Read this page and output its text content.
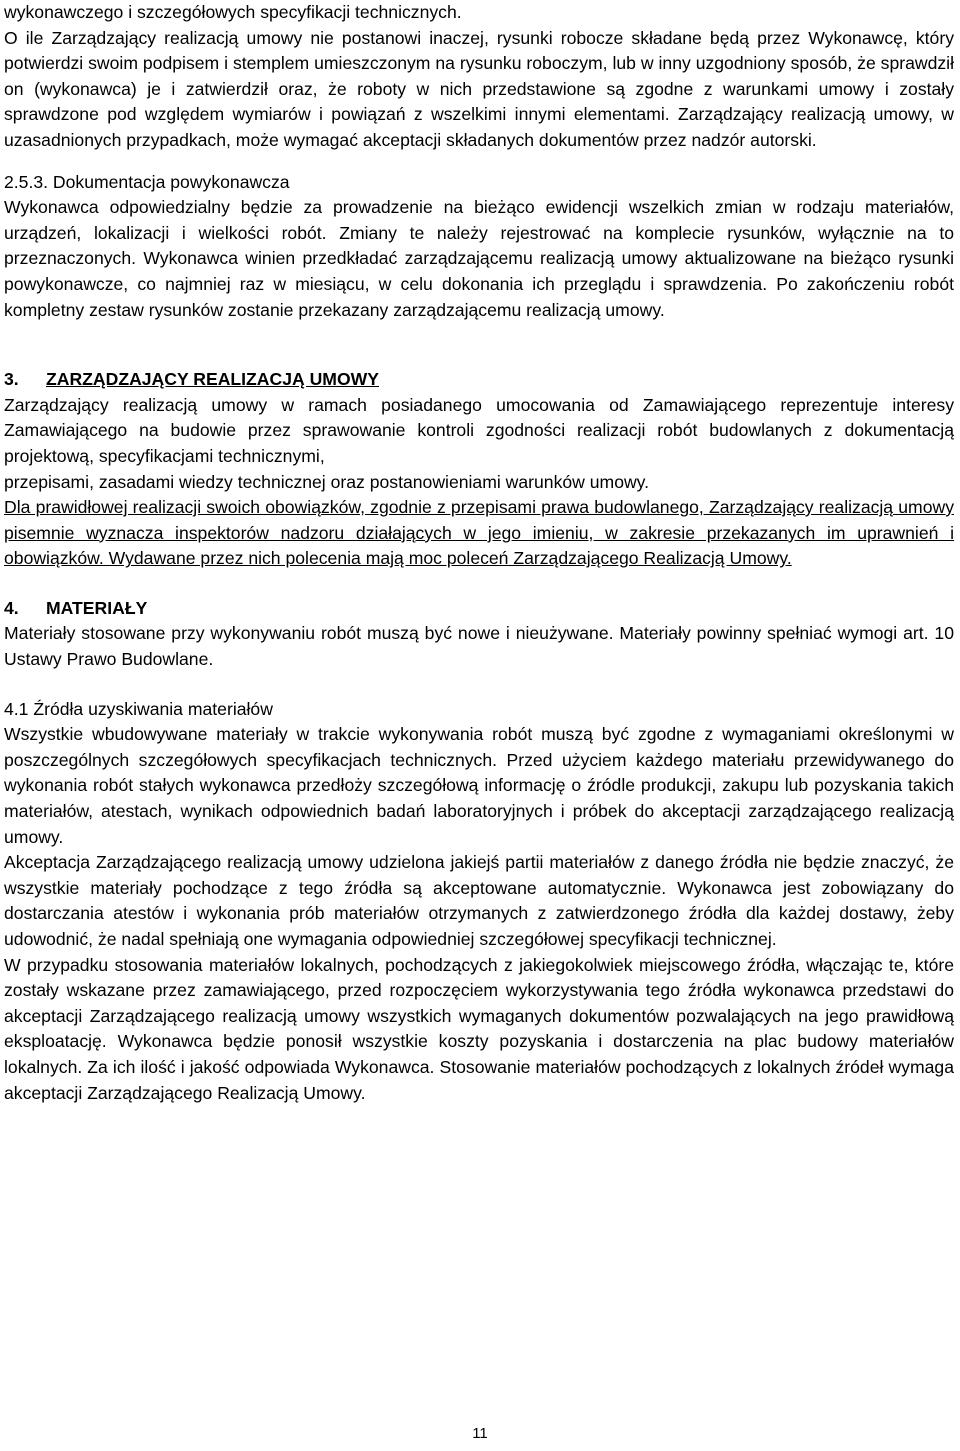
wykonawczego i szczegółowych specyfikacji technicznych.

O ile Zarządzający realizacją umowy nie postanowi inaczej, rysunki robocze składane będą przez Wykonawcę, który potwierdzi swoim podpisem i stemplem umieszczonym na rysunku roboczym, lub w inny uzgodniony sposób, że sprawdził on (wykonawca) je i zatwierdził oraz, że roboty w nich przedstawione są zgodne z warunkami umowy i zostały sprawdzone pod względem wymiarów i powiązań z wszelkimi innymi elementami. Zarządzający realizacją umowy, w uzasadnionych przypadkach, może wymagać akceptacji składanych dokumentów przez nadzór autorski.

2.5.3. Dokumentacja powykonawcza

Wykonawca odpowiedzialny będzie za prowadzenie na bieżąco ewidencji wszelkich zmian w rodzaju materiałów, urządzeń, lokalizacji i wielkości robót. Zmiany te należy rejestrować na komplecie rysunków, wyłącznie na to przeznaczonych. Wykonawca winien przedkładać zarządzającemu realizacją umowy aktualizowane na bieżąco rysunki powykonawcze, co najmniej raz w miesiącu, w celu dokonania ich przeglądu i sprawdzenia. Po zakończeniu robót kompletny zestaw rysunków zostanie przekazany zarządzającemu realizacją umowy.

3. ZARZĄDZAJĄCY REALIZACJĄ UMOWY

Zarządzający realizacją umowy w ramach posiadanego umocowania od Zamawiającego reprezentuje interesy Zamawiającego na budowie przez sprawowanie kontroli zgodności realizacji robót budowlanych z dokumentacją projektową, specyfikacjami technicznymi,

przepisami, zasadami wiedzy technicznej oraz postanowieniami warunków umowy.

Dla prawidłowej realizacji swoich obowiązków, zgodnie z przepisami prawa budowlanego, Zarządzający realizacją umowy pisemnie wyznacza inspektorów nadzoru działających w jego imieniu, w zakresie przekazanych im uprawnień i obowiązków. Wydawane przez nich polecenia mają moc poleceń Zarządzającego Realizacją Umowy.

4. MATERIAŁY

Materiały stosowane przy wykonywaniu robót muszą być nowe i nieużywane. Materiały powinny spełniać wymogi art. 10 Ustawy Prawo Budowlane.

4.1 Źródła uzyskiwania materiałów

Wszystkie wbudowywane materiały w trakcie wykonywania robót muszą być zgodne z wymaganiami określonymi w poszczególnych szczegółowych specyfikacjach technicznych. Przed użyciem każdego materiału przewidywanego do wykonania robót stałych wykonawca przedłoży szczegółową informację o źródle produkcji, zakupu lub pozyskania takich materiałów, atestach, wynikach odpowiednich badań laboratoryjnych i próbek do akceptacji zarządzającego realizacją umowy.

Akceptacja Zarządzającego realizacją umowy udzielona jakiejś partii materiałów z danego źródła nie będzie znaczyć, że wszystkie materiały pochodzące z tego źródła są akceptowane automatycznie. Wykonawca jest zobowiązany do dostarczania atestów i wykonania prób materiałów otrzymanych z zatwierdzonego źródła dla każdej dostawy, żeby udowodnić, że nadal spełniają one wymagania odpowiedniej szczegółowej specyfikacji technicznej.

W przypadku stosowania materiałów lokalnych, pochodzących z jakiegokolwiek miejscowego źródła, włączając te, które zostały wskazane przez zamawiającego, przed rozpoczęciem wykorzystywania tego źródła wykonawca przedstawi do akceptacji Zarządzającego realizacją umowy wszystkich wymaganych dokumentów pozwalających na jego prawidłową eksploatację. Wykonawca będzie ponosił wszystkie koszty pozyskania i dostarczenia na plac budowy materiałów lokalnych. Za ich ilość i jakość odpowiada Wykonawca. Stosowanie materiałów pochodzących z lokalnych źródeł wymaga akceptacji Zarządzającego Realizacją Umowy.

11
